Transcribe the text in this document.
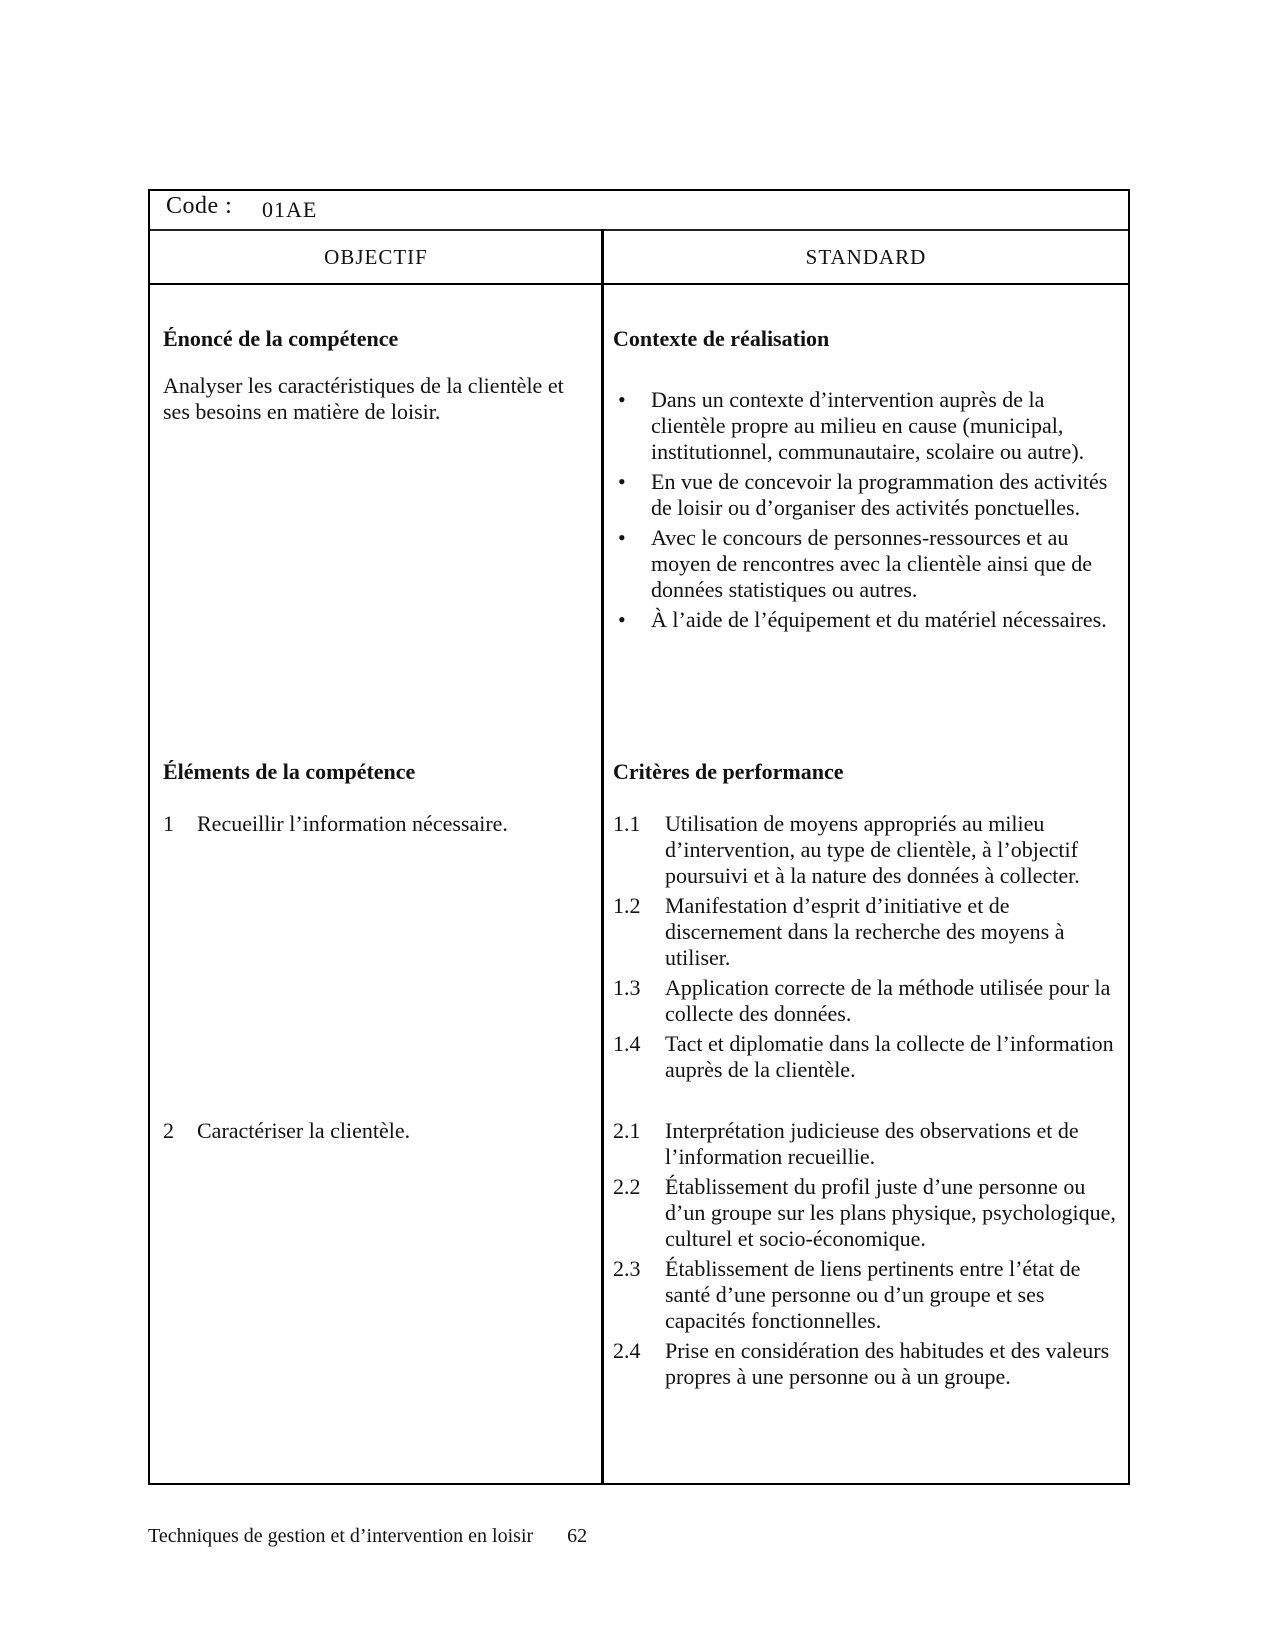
Code : 01AE
OBJECTIF	STANDARD
Énoncé de la compétence
Analyser les caractéristiques de la clientèle et ses besoins en matière de loisir.
Éléments de la compétence
1 Recueillir l’information nécessaire.
2 Caractériser la clientèle.
Contexte de réalisation
• Dans un contexte d’intervention auprès de la clientèle propre au milieu en cause (municipal, institutionnel, communautaire, scolaire ou autre).
• En vue de concevoir la programmation des activités de loisir ou d’organiser des activités ponctuelles.
• Avec le concours de personnes-ressources et au moyen de rencontres avec la clientèle ainsi que de données statistiques ou autres.
• À l’aide de l’équipement et du matériel nécessaires.
Critères de performance
1.1 Utilisation de moyens appropriés au milieu d’intervention, au type de clientèle, à l’objectif poursuivi et à la nature des données à collecter.
1.2 Manifestation d’esprit d’initiative et de discernement dans la recherche des moyens à utiliser.
1.3 Application correcte de la méthode utilisée pour la collecte des données.
1.4 Tact et diplomatie dans la collecte de l’information auprès de la clientèle.
2.1 Interprétation judicieuse des observations et de l’information recueillie.
2.2 Établissement du profil juste d’une personne ou d’un groupe sur les plans physique, psychologique, culturel et socio-économique.
2.3 Établissement de liens pertinents entre l’état de santé d’une personne ou d’un groupe et ses capacités fonctionnelles.
2.4 Prise en considération des habitudes et des valeurs propres à une personne ou à un groupe.
Techniques de gestion et d’intervention en loisir 62
